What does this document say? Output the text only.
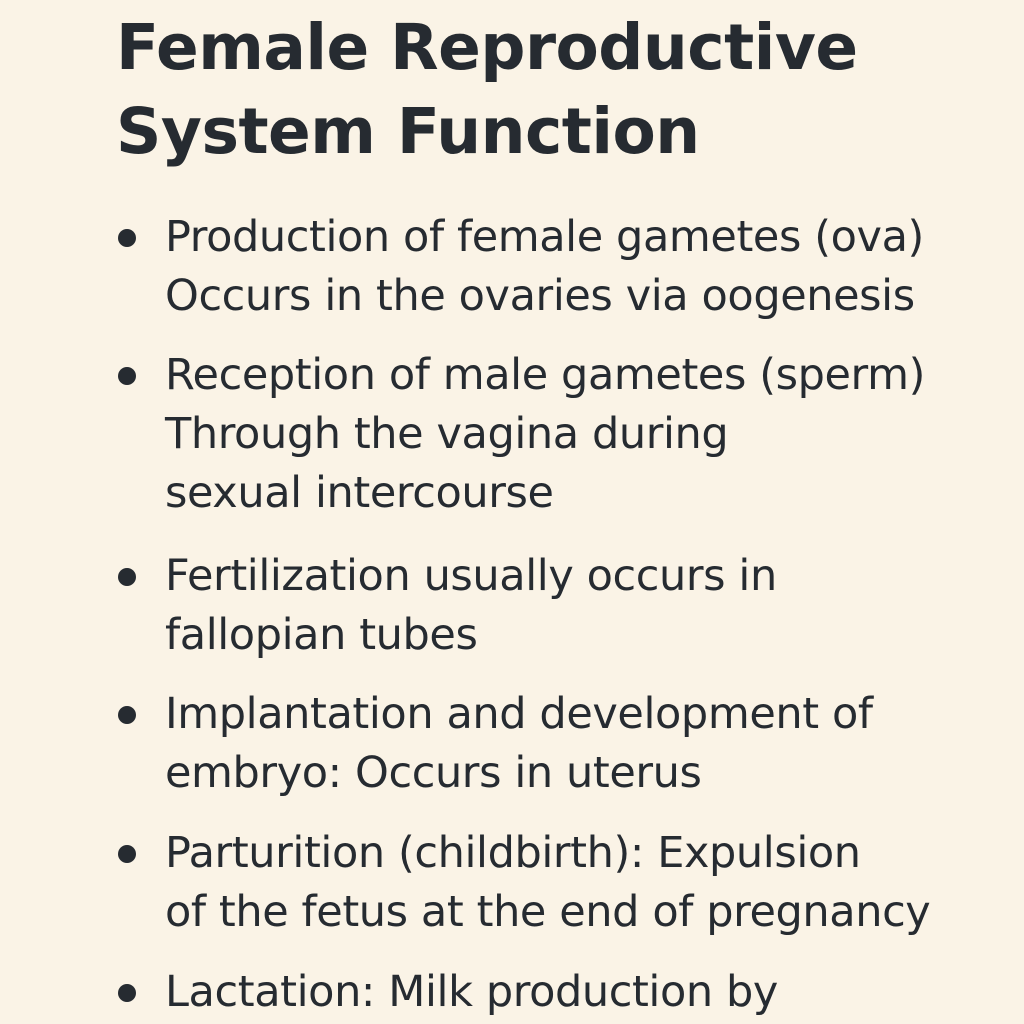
Female Reproductive
System Function
Production of female gametes (ova)
Occurs in the ovaries via oogenesis
Reception of male gametes (sperm)
Through the vagina during
sexual intercourse
Fertilization usually occurs in
fallopian tubes
Implantation and development of
embryo: Occurs in uterus
Parturition (childbirth): Expulsion
of the fetus at the end of pregnancy
Lactation: Milk production by
